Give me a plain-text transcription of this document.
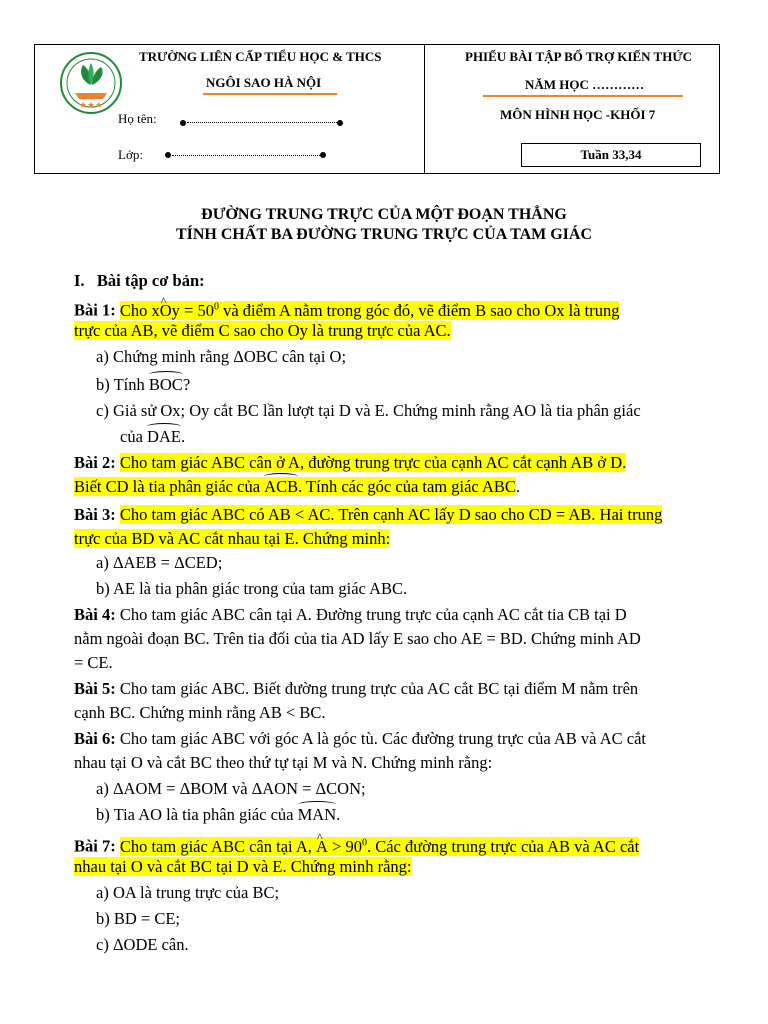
TRƯỜNG LIÊN CẤP TIỂU HỌC & THCS
NGÔI SAO HÀ NỘI
Họ tên:
Lớp:
PHIẾU BÀI TẬP BỔ TRỢ KIẾN THỨC
NĂM HỌC …………
MÔN HÌNH HỌC -KHỐI 7
Tuần 33,34
ĐƯỜNG TRUNG TRỰC CỦA MỘT ĐOẠN THẲNG
TÍNH CHẤT BA ĐƯỜNG TRUNG TRỰC CỦA TAM GIÁC
I. Bài tập cơ bản:
Bài 1: Cho x^ $Oy = 50^0$ và điểm A nằm trong góc đó, vẽ điểm B sao cho Ox là trung
trực của AB, vẽ điểm C sao cho Oy là trung trực của AC.
a) Chứng minh rằng ΔOBC cân tại O;
b) Tính BOC?
c) Giả sử Ox; Oy cắt BC lần lượt tại D và E. Chứng minh rằng AO là tia phân giác
của DAE.
Bài 2: Cho tam giác ABC cân ở A, đường trung trực của cạnh AC cắt cạnh AB ở D.
Biết CD là tia phân giác của ACB. Tính các góc của tam giác ABC.
Bài 3: Cho tam giác ABC có AB < AC. Trên cạnh AC lấy D sao cho CD = AB. Hai trung
trực của BD và AC cắt nhau tại E. Chứng minh:
a) ΔAEB = ΔCED;
b) AE là tia phân giác trong của tam giác ABC.
Bài 4: Cho tam giác ABC cân tại A. Đường trung trực của cạnh AC cắt tia CB tại D
nằm ngoài đoạn BC. Trên tia đối của tia AD lấy E sao cho AE = BD. Chứng minh AD
= CE.
Bài 5: Cho tam giác ABC. Biết đường trung trực của AC cắt BC tại điểm M nằm trên
cạnh BC. Chứng minh rằng AB < BC.
Bài 6: Cho tam giác ABC với góc A là góc tù. Các đường trung trực của AB và AC cắt
nhau tại O và cắt BC theo thứ tự tại M và N. Chứng minh rằng:
a) ΔAOM = ΔBOM và ΔAON = ΔCON;
b) Tia AO là tia phân giác của MAN.
Bài 7: Cho tam giác ABC cân tại A, ^ $A > 90^0$. Các đường trung trực của AB và AC cắt
nhau tại O và cắt BC tại D và E. Chứng minh rằng:
a) OA là trung trực của BC;
b) BD = CE;
c) ΔODE cân.
